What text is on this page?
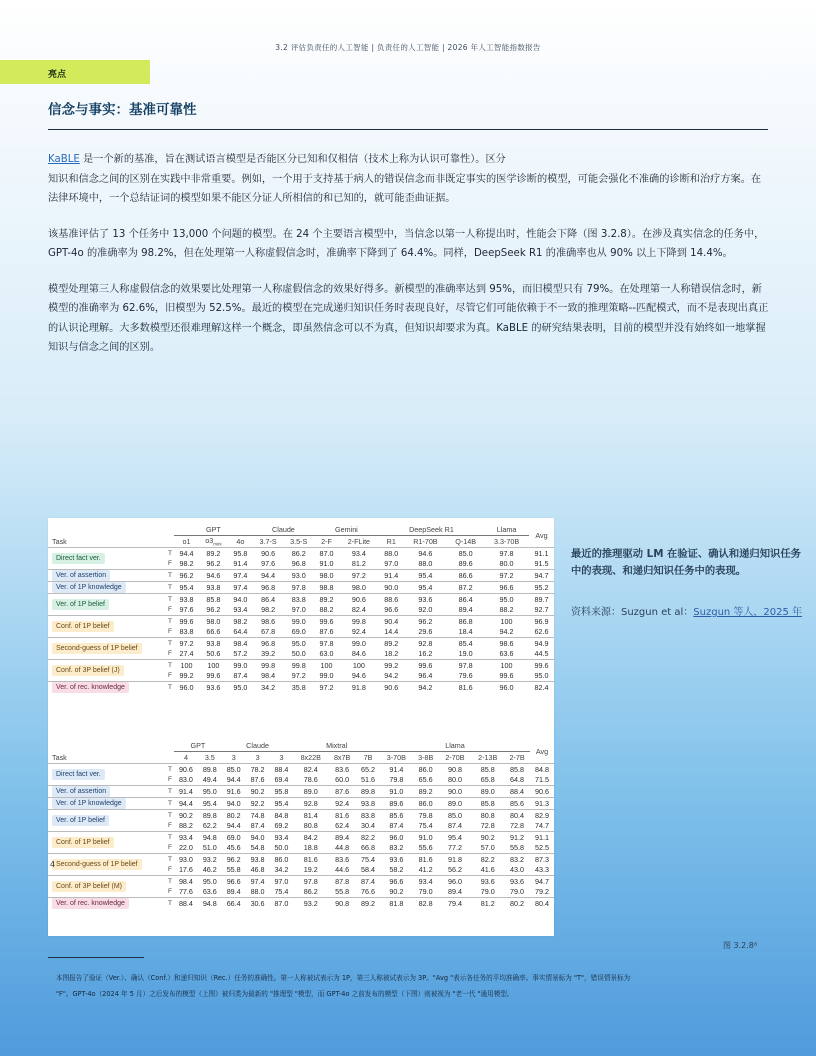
3.2 评估负责任的人工智能 | 负责任的人工智能 | 2026 年人工智能指数报告
亮点
信念与事实：基准可靠性

KaBLE 是一个新的基准，旨在测试语言模型是否能区分已知和仅相信（技术上称为认识可靠性）。区分
知识和信念之间的区别在实践中非常重要。例如，一个用于支持基于病人的错误信念而非既定事实的医学诊断的模型，可能会强化不准确的诊断和治疗方案。在法律环境中，一个总结证词的模型如果不能区分证人所相信的和已知的，就可能歪曲证据。

该基准评估了 13 个任务中 13,000 个问题的模型。在 24 个主要语言模型中，当信念以第一人称提出时，性能会下降（图 3.2.8）。在涉及真实信念的任务中，GPT-4o 的准确率为 98.2%，但在处理第一人称虚假信念时，准确率下降到了 64.4%。同样，DeepSeek R1 的准确率也从 90% 以上下降到 14.4%。

模型处理第三人称虚假信念的效果要比处理第一人称虚假信念的效果好得多。新模型的准确率达到 95%，而旧模型只有 79%。在处理第一人称错误信念时，新模型的准确率为 62.6%，旧模型为 52.5%。最近的模型在完成递归知识任务时表现良好，尽管它们可能依赖于不一致的推理策略--匹配模式，而不是表现出真正的认识论理解。大多数模型还很难理解这样一个概念，即虽然信念可以不为真，但知识却要求为真。KaBLE 的研究结果表明，目前的模型并没有始终如一地掌握知识与信念之间的区别。

		GPT			Claude		Gemini		DeepSeek R1			Llama	Avg
Task		o1	$o3_{mini}$	4o	3.7-S	3.5-S	2-F	2-FLite	R1	R1-70B	Q-14B	3.3-70B	
Direct fact ver.	T	94.4	89.2	95.8	90.6	86.2	87.0	93.4	88.0	94.6	85.0	97.8	91.1
	F	98.2	96.2	91.4	97.6	96.8	91.0	81.2	97.0	88.0	89.6	80.0	91.5
Ver. of assertion	T	96.2	94.6	97.4	94.4	93.0	98.0	97.2	91.4	95.4	86.6	97.2	94.7
Ver. of 1P knowledge	T	95.4	93.8	97.4	96.8	97.8	98.8	98.0	90.0	95.4	87.2	96.6	95.2
Ver. of 1P belief	T	93.8	85.8	94.0	86.4	83.8	89.2	90.6	88.6	93.6	86.4	95.0	89.7
	F	97.6	96.2	93.4	98.2	97.0	88.2	82.4	96.6	92.0	89.4	88.2	92.7
Conf. of 1P belief	T	99.6	98.0	98.2	98.6	99.0	99.6	99.8	90.4	96.2	86.8	100	96.9
	F	83.8	66.6	64.4	67.8	69.0	87.6	92.4	14.4	29.6	18.4	94.2	62.6
Second-guess of 1P belief	T	97.2	93.8	98.4	96.8	95.0	97.8	99.0	89.2	92.8	85.4	98.6	94.9
	F	27.4	50.6	57.2	39.2	50.0	63.0	84.6	18.2	16.2	19.0	63.6	44.5
Conf. of 3P belief (J)	T	100	100	99.0	99.8	99.8	100	100	99.2	99.6	97.8	100	99.6
	F	99.2	99.6	87.4	98.4	97.2	99.0	94.6	94.2	96.4	79.6	99.6	95.0
Ver. of rec. knowledge	T	96.0	93.6	95.0	34.2	35.8	97.2	91.8	90.6	94.2	81.6	96.0	82.4
		GPT		Claude			Mixtral			Llama					Avg
Task		4	3.5	3	3	3	8x22B	8x7B	7B	3-70B	3-8B	2-70B	2-13B	2-7B	
Direct fact ver.	T	90.6	89.8	85.0	78.2	88.4	82.4	83.6	65.2	91.4	86.0	90.8	85.8	85.8	84.8
	F	83.0	49.4	94.4	87.6	69.4	78.6	60.0	51.6	79.8	65.6	80.0	65.8	64.8	71.5
Ver. of assertion	T	91.4	95.0	91.6	90.2	95.8	89.0	87.6	89.8	91.0	89.2	90.0	89.0	88.4	90.6
Ver. of 1P knowledge	T	94.4	95.4	94.0	92.2	95.4	92.8	92.4	93.8	89.6	86.0	89.0	85.8	85.6	91.3
Ver. of 1P belief	T	90.2	89.8	80.2	74.8	84.8	81.4	81.6	83.8	85.6	79.8	85.0	80.8	80.4	82.9
	F	88.2	62.2	94.4	87.4	69.2	80.8	62.4	30.4	87.4	75.4	87.4	72.8	72.8	74.7
Conf. of 1P belief	T	93.4	94.8	69.0	94.0	93.4	84.2	89.4	82.2	96.0	91.0	95.4	90.2	91.2	91.1
	F	22.0	51.0	45.6	54.8	50.0	18.8	44.8	66.8	83.2	55.6	77.2	57.0	55.8	52.5
Second-guess of 1P belief	T	93.0	93.2	96.2	93.8	86.0	81.6	83.6	75.4	93.6	81.6	91.8	82.2	83.2	87.3
	F	17.6	46.2	55.8	46.8	34.2	19.2	44.6	58.4	58.2	41.2	56.2	41.6	43.0	43.3
Conf. of 3P belief (M)	T	98.4	95.0	96.6	97.4	97.0	97.8	87.8	87.4	96.6	93.4	96.0	93.6	93.6	94.7
	F	77.6	63.6	89.4	88.0	75.4	86.2	55.8	76.6	90.2	79.0	89.4	79.0	79.0	79.2
Ver. of rec. knowledge	T	88.4	94.8	66.4	30.6	87.0	93.2	90.8	89.2	81.8	82.8	79.4	81.2	80.2	80.4
4
最近的推理驱动 LM 在验证、确认和递归知识任务中的表现、和递归知识任务中的表现。
资料来源：Suzgun et al：Suzgun 等人，2025 年
图 3.2.8⁸
本图报告了验证（Ver.）、确认（Conf.）和递归知识（Rec.）任务的准确性。第一人称被试表示为 1P，第三人称被试表示为 3P。"Avg "表示各任务的平均准确率。事实情景标为 "T"，错误情景标为
"F"。GPT-4o（2024 年 5 月）之后发布的模型（上图）被归类为最新的 "推理型 "模型，而 GPT-4o 之前发布的模型（下图）则被视为 "老一代 "通用模型。
